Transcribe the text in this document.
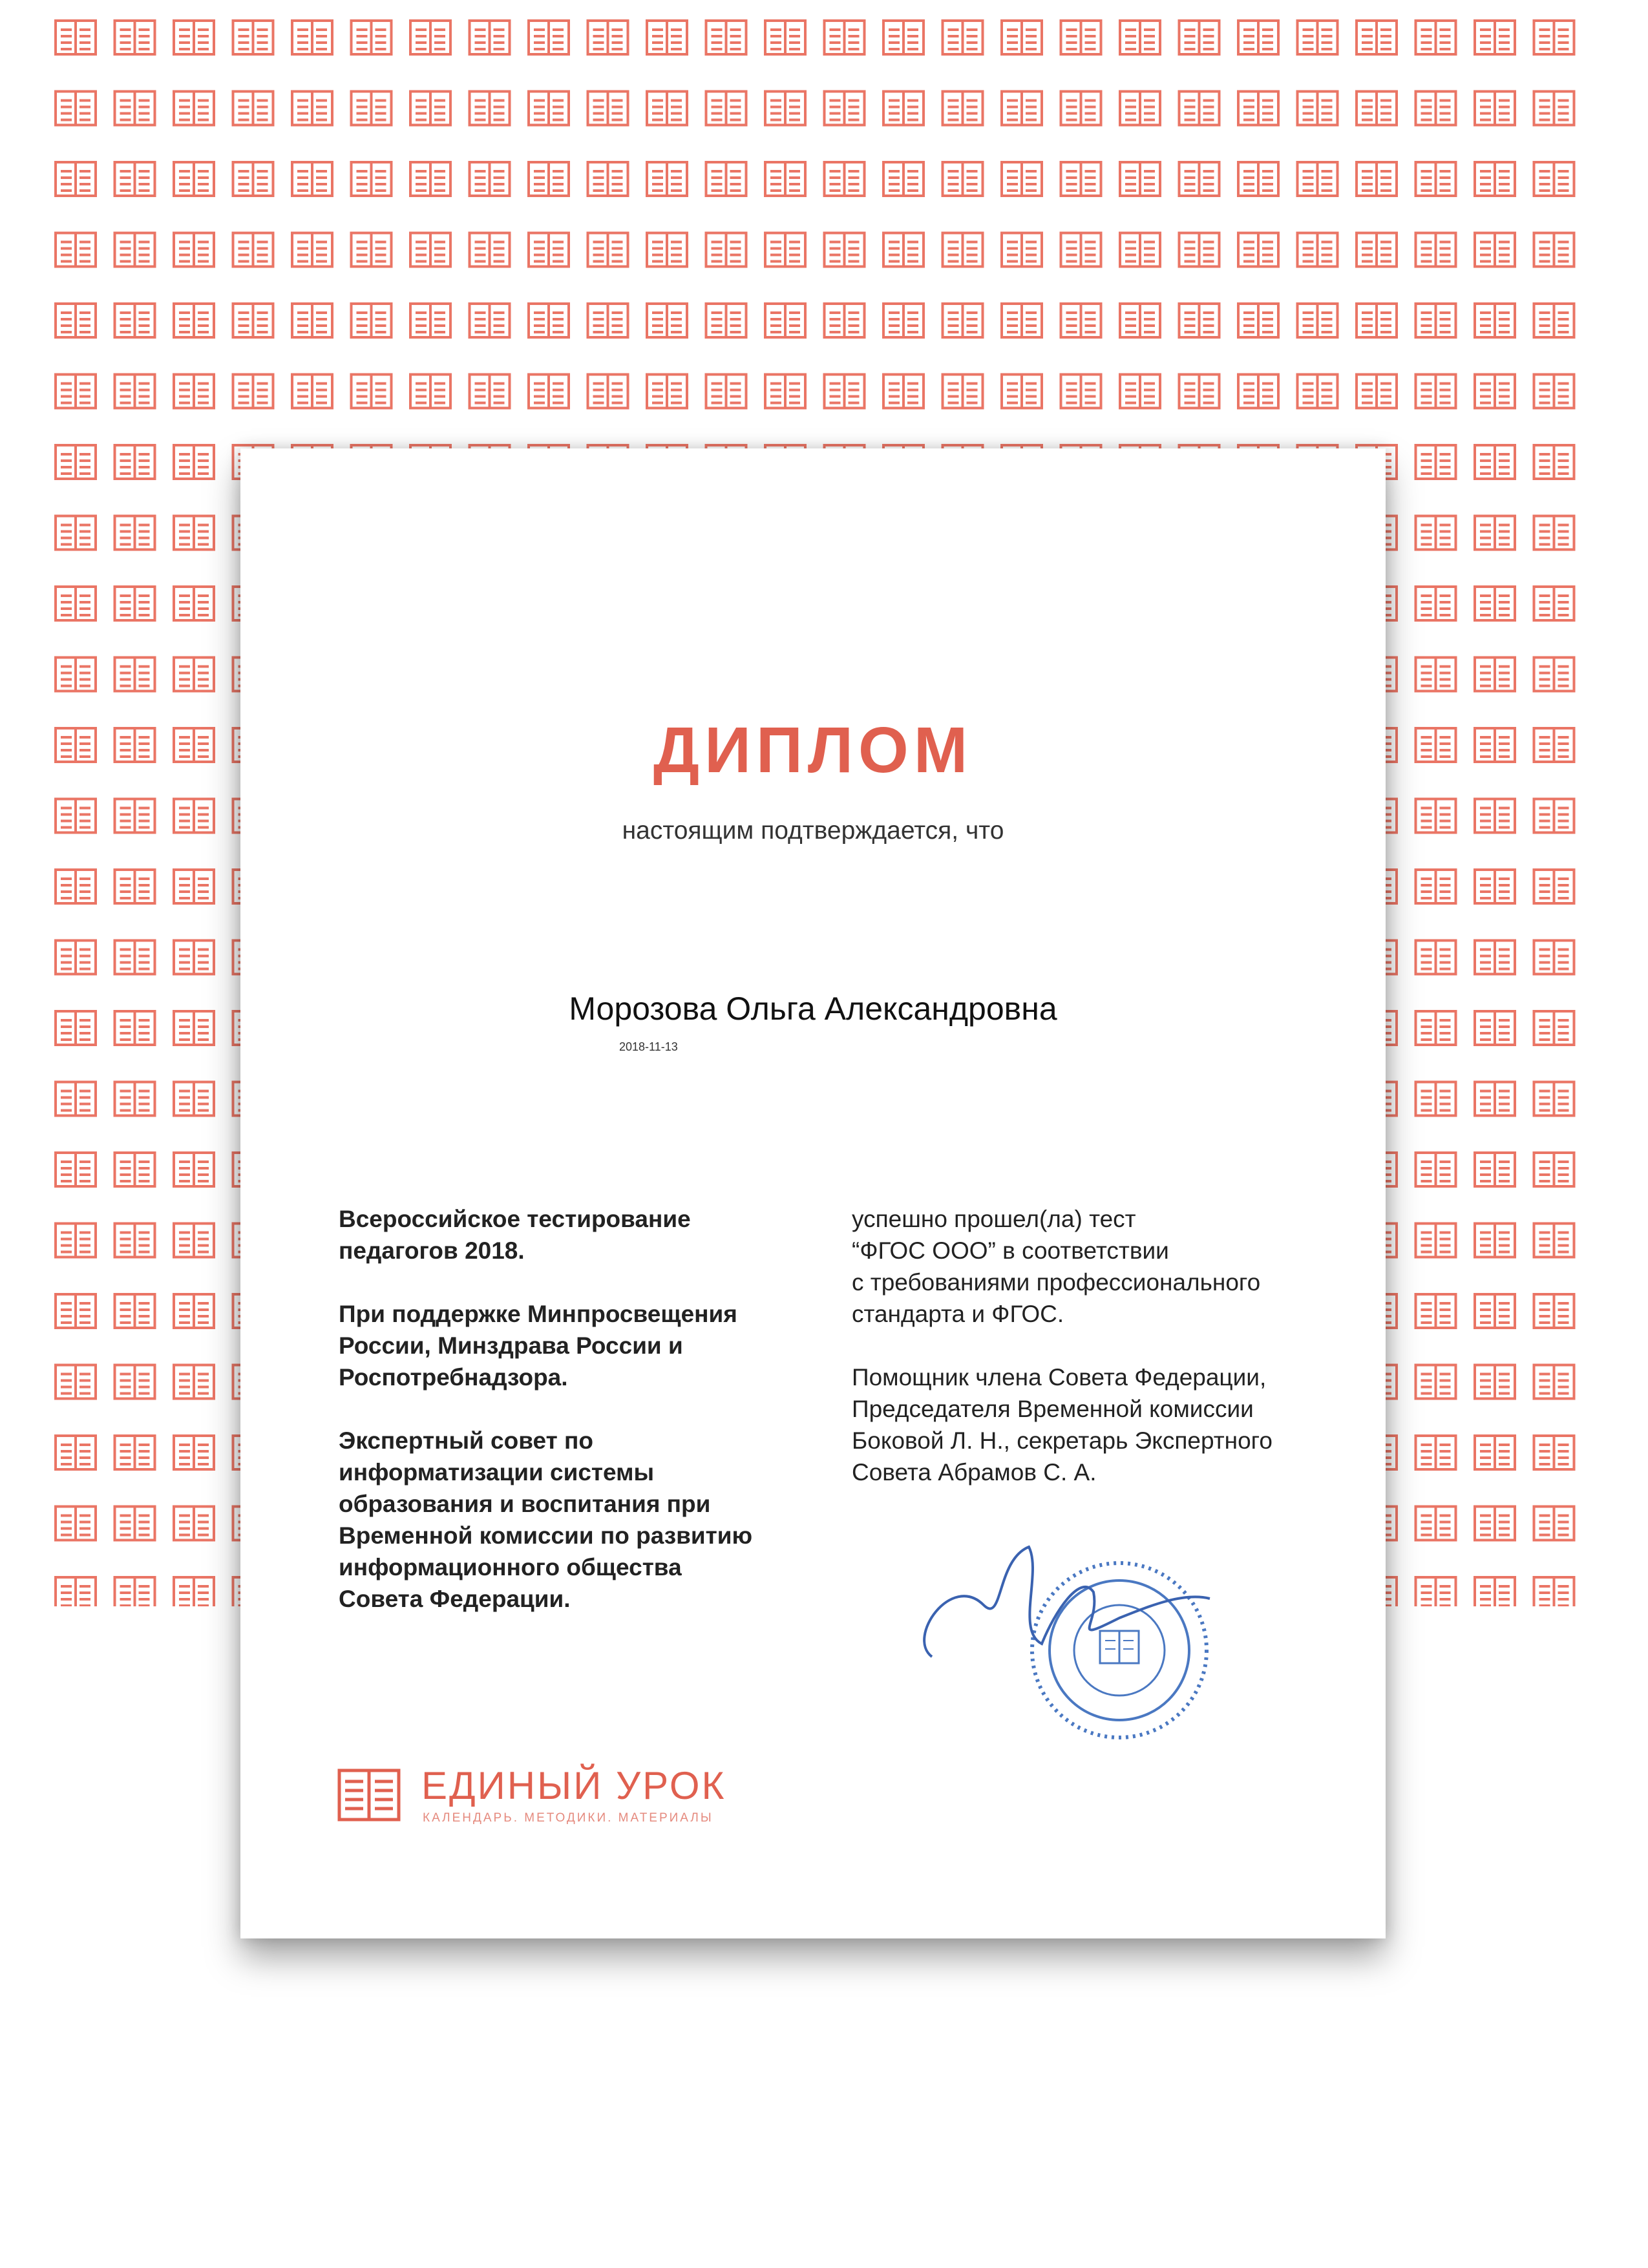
ДИПЛОМ
настоящим подтверждается, что
Морозова Ольга Александровна
2018-11-13

Всероссийское тестирование
педагогов 2018.

При поддержке Минпросвещения
России, Минздрава России и
Роспотребнадзора.

Экспертный совет по
информатизации системы
образования и воспитания при
Временной комиссии по развитию
информационного общества
Совета Федерации.

успешно прошел(ла) тест
“ФГОС ООО” в соответствии
с требованиями профессионального
стандарта и ФГОС.

Помощник члена Совета Федерации,
Председателя Временной комиссии
Боковой Л. Н., секретарь Экспертного
Совета Абрамов С. А.

ЕДИНЫЙ УРОК
КАЛЕНДАРЬ. МЕТОДИКИ. МАТЕРИАЛЫ
